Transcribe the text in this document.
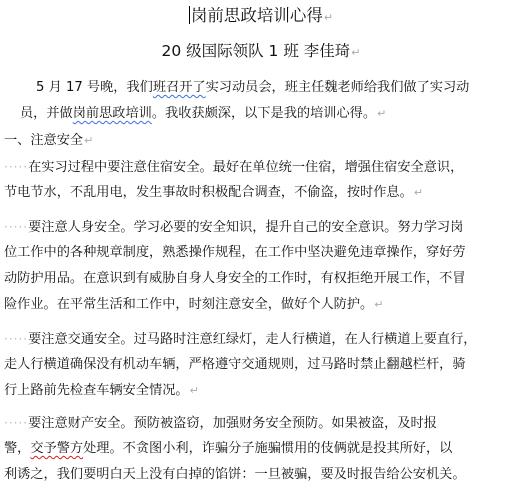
岗前思政培训心得↵
20 级国际领队 1 班 李佳琦↵
5 月 17 号晚，我们班召开了实习动员会，班主任魏老师给我们做了实习动
员，并做岗前思政培训。我收获颇深，以下是我的培训心得。↵
一、注意安全↵
·····在实习过程中要注意住宿安全。最好在单位统一住宿，增强住宿安全意识，
节电节水，不乱用电，发生事故时积极配合调查，不偷盗，按时作息。↵
·····要注意人身安全。学习必要的安全知识，提升自己的安全意识。努力学习岗
位工作中的各种规章制度，熟悉操作规程，在工作中坚决避免违章操作，穿好劳
动防护用品。在意识到有威胁自身人身安全的工作时，有权拒绝开展工作，不冒
险作业。在平常生活和工作中，时刻注意安全，做好个人防护。↵
·····要注意交通安全。过马路时注意红绿灯，走人行横道，在人行横道上要直行，
走人行横道确保没有机动车辆，严格遵守交通规则，过马路时禁止翻越栏杆，骑
行上路前先检查车辆安全情况。↵
·····要注意财产安全。预防被盗窃，加强财务安全预防。如果被盗，及时报
警，交予警方处理。不贪图小利，诈骗分子施骗惯用的伎俩就是投其所好，以
利诱之，我们要明白天上没有白掉的馅饼：一旦被骗，要及时报告给公安机关。
